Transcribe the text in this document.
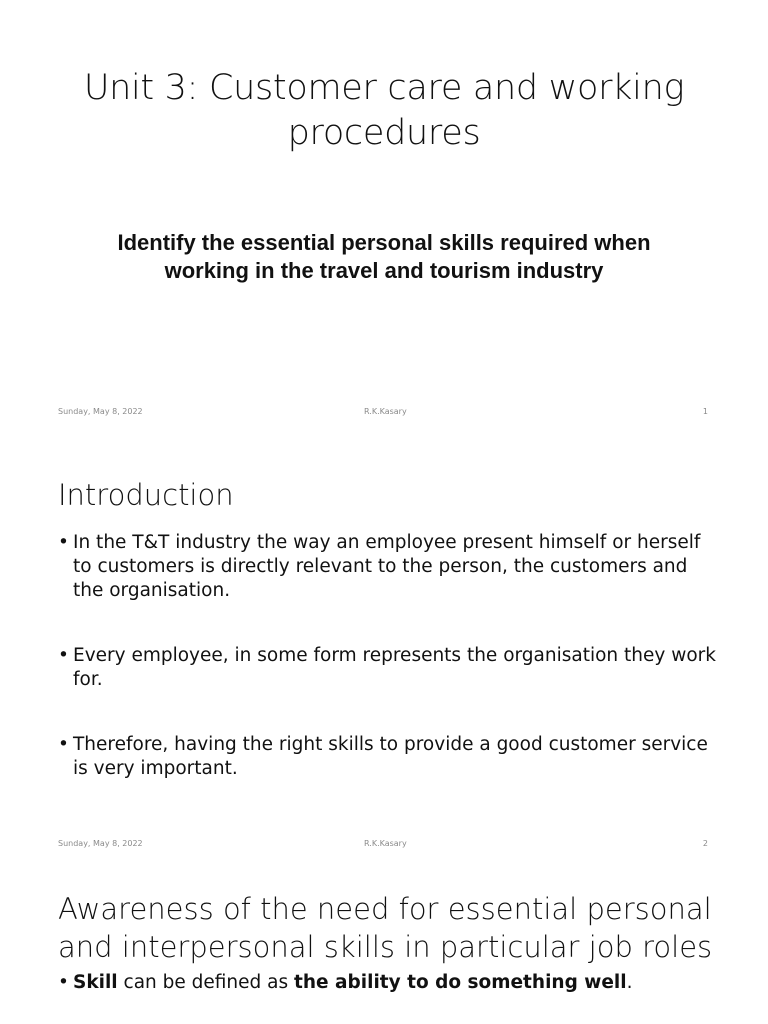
Unit 3: Customer care and working procedures
Identify the essential personal skills required when working in the travel and tourism industry
Sunday, May 8, 2022	R.K.Kasary	1
Introduction
• In the T&T industry the way an employee present himself or herself to customers is directly relevant to the person, the customers and the organisation.
• Every employee, in some form represents the organisation they work for.
• Therefore, having the right skills to provide a good customer service is very important.
Sunday, May 8, 2022	R.K.Kasary	2
Awareness of the need for essential personal and interpersonal skills in particular job roles
• Skill can be defined as the ability to do something well.
